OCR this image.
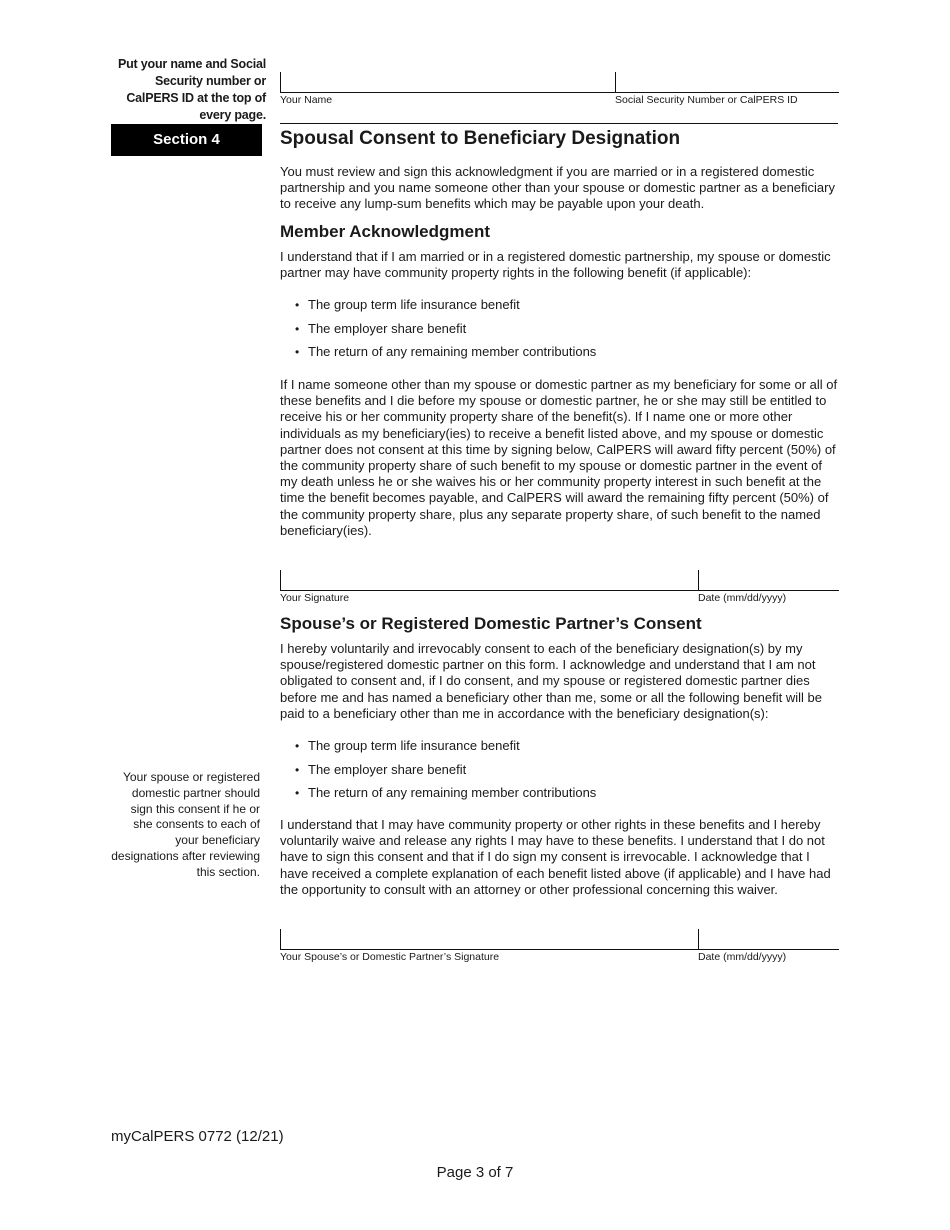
Put your name and Social Security number or CalPERS ID at the top of every page.
Your Name	Social Security Number or CalPERS ID
Section 4	Spousal Consent to Beneficiary Designation
You must review and sign this acknowledgment if you are married or in a registered domestic partnership and you name someone other than your spouse or domestic partner as a beneficiary to receive any lump-sum benefits which may be payable upon your death.
Member Acknowledgment
I understand that if I am married or in a registered domestic partnership, my spouse or domestic partner may have community property rights in the following benefit (if applicable):
• The group term life insurance benefit
• The employer share benefit
• The return of any remaining member contributions
If I name someone other than my spouse or domestic partner as my beneficiary for some or all of these benefits and I die before my spouse or domestic partner, he or she may still be entitled to receive his or her community property share of the benefit(s). If I name one or more other individuals as my beneficiary(ies) to receive a benefit listed above, and my spouse or domestic partner does not consent at this time by signing below, CalPERS will award fifty percent (50%) of the community property share of such benefit to my spouse or domestic partner in the event of my death unless he or she waives his or her community property interest in such benefit at the time the benefit becomes payable, and CalPERS will award the remaining fifty percent (50%) of the community property share, plus any separate property share, of such benefit to the named beneficiary(ies).
Your Signature	Date (mm/dd/yyyy)
Spouse’s or Registered Domestic Partner’s Consent
I hereby voluntarily and irrevocably consent to each of the beneficiary designation(s) by my spouse/registered domestic partner on this form. I acknowledge and understand that I am not obligated to consent and, if I do consent, and my spouse or registered domestic partner dies before me and has named a beneficiary other than me, some or all the following benefit will be paid to a beneficiary other than me in accordance with the beneficiary designation(s):
• The group term life insurance benefit
• The employer share benefit
• The return of any remaining member contributions
Your spouse or registered domestic partner should sign this consent if he or she consents to each of your beneficiary designations after reviewing this section.
I understand that I may have community property or other rights in these benefits and I hereby voluntarily waive and release any rights I may have to these benefits. I understand that I do not have to sign this consent and that if I do sign my consent is irrevocable. I acknowledge that I have received a complete explanation of each benefit listed above (if applicable) and I have had the opportunity to consult with an attorney or other professional concerning this waiver.
Your Spouse’s or Domestic Partner’s Signature	Date (mm/dd/yyyy)
myCalPERS 0772 (12/21)
Page 3 of 7
